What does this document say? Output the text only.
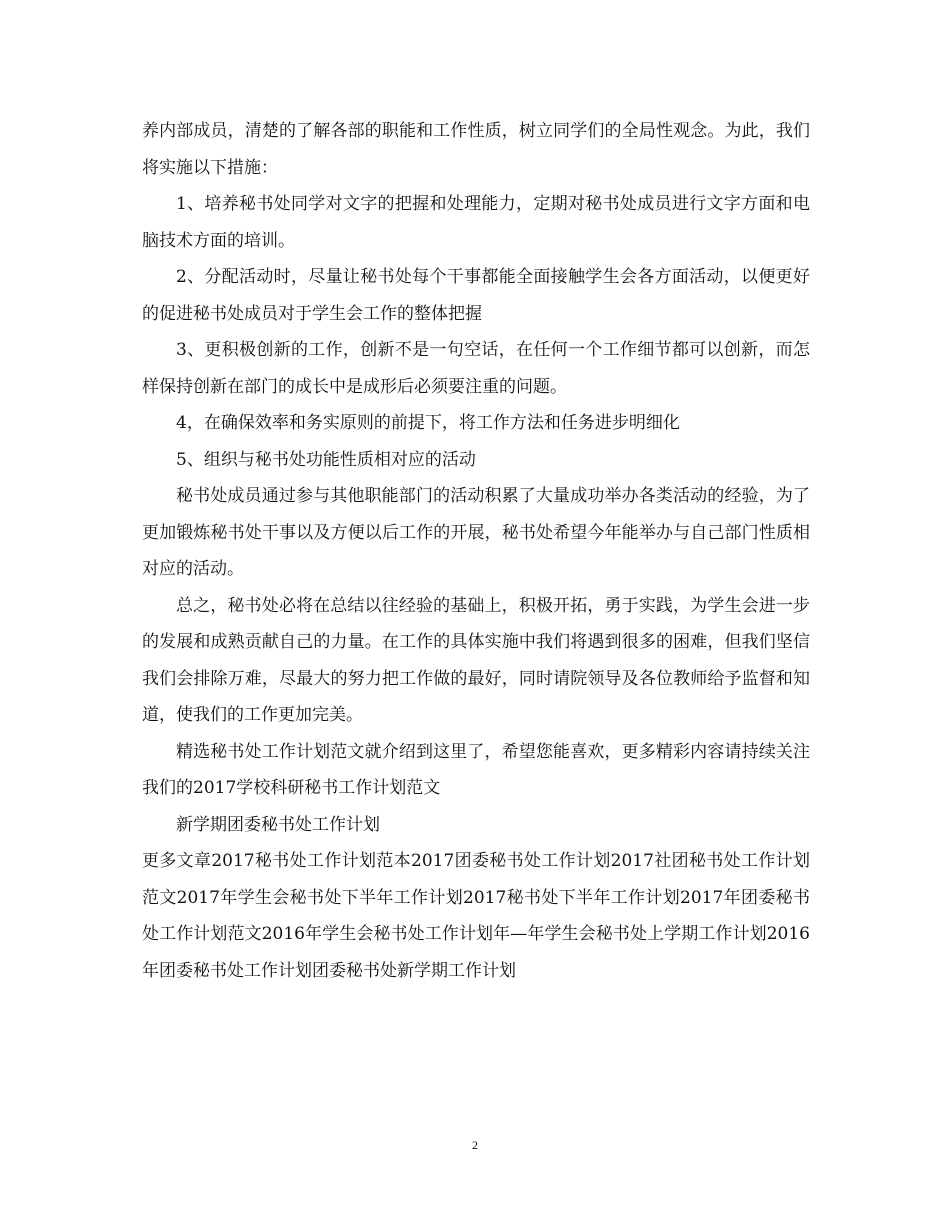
养内部成员，清楚的了解各部的职能和工作性质，树立同学们的全局性观念。为此，我们将实施以下措施：

1、培养秘书处同学对文字的把握和处理能力，定期对秘书处成员进行文字方面和电脑技术方面的培训。

2、分配活动时，尽量让秘书处每个干事都能全面接触学生会各方面活动，以便更好的促进秘书处成员对于学生会工作的整体把握

3、更积极创新的工作，创新不是一句空话，在任何一个工作细节都可以创新，而怎样保持创新在部门的成长中是成形后必须要注重的问题。

4，在确保效率和务实原则的前提下，将工作方法和任务进步明细化

5、组织与秘书处功能性质相对应的活动

秘书处成员通过参与其他职能部门的活动积累了大量成功举办各类活动的经验，为了更加锻炼秘书处干事以及方便以后工作的开展，秘书处希望今年能举办与自己部门性质相对应的活动。

总之，秘书处必将在总结以往经验的基础上，积极开拓，勇于实践，为学生会进一步的发展和成熟贡献自己的力量。在工作的具体实施中我们将遇到很多的困难，但我们坚信我们会排除万难，尽最大的努力把工作做的最好，同时请院领导及各位教师给予监督和知道，使我们的工作更加完美。

精选秘书处工作计划范文就介绍到这里了，希望您能喜欢，更多精彩内容请持续关注我们的2017学校科研秘书工作计划范文

新学期团委秘书处工作计划

更多文章2017秘书处工作计划范本2017团委秘书处工作计划2017社团秘书处工作计划范文2017年学生会秘书处下半年工作计划2017秘书处下半年工作计划2017年团委秘书处工作计划范文2016年学生会秘书处工作计划年—年学生会秘书处上学期工作计划2016年团委秘书处工作计划团委秘书处新学期工作计划

2
